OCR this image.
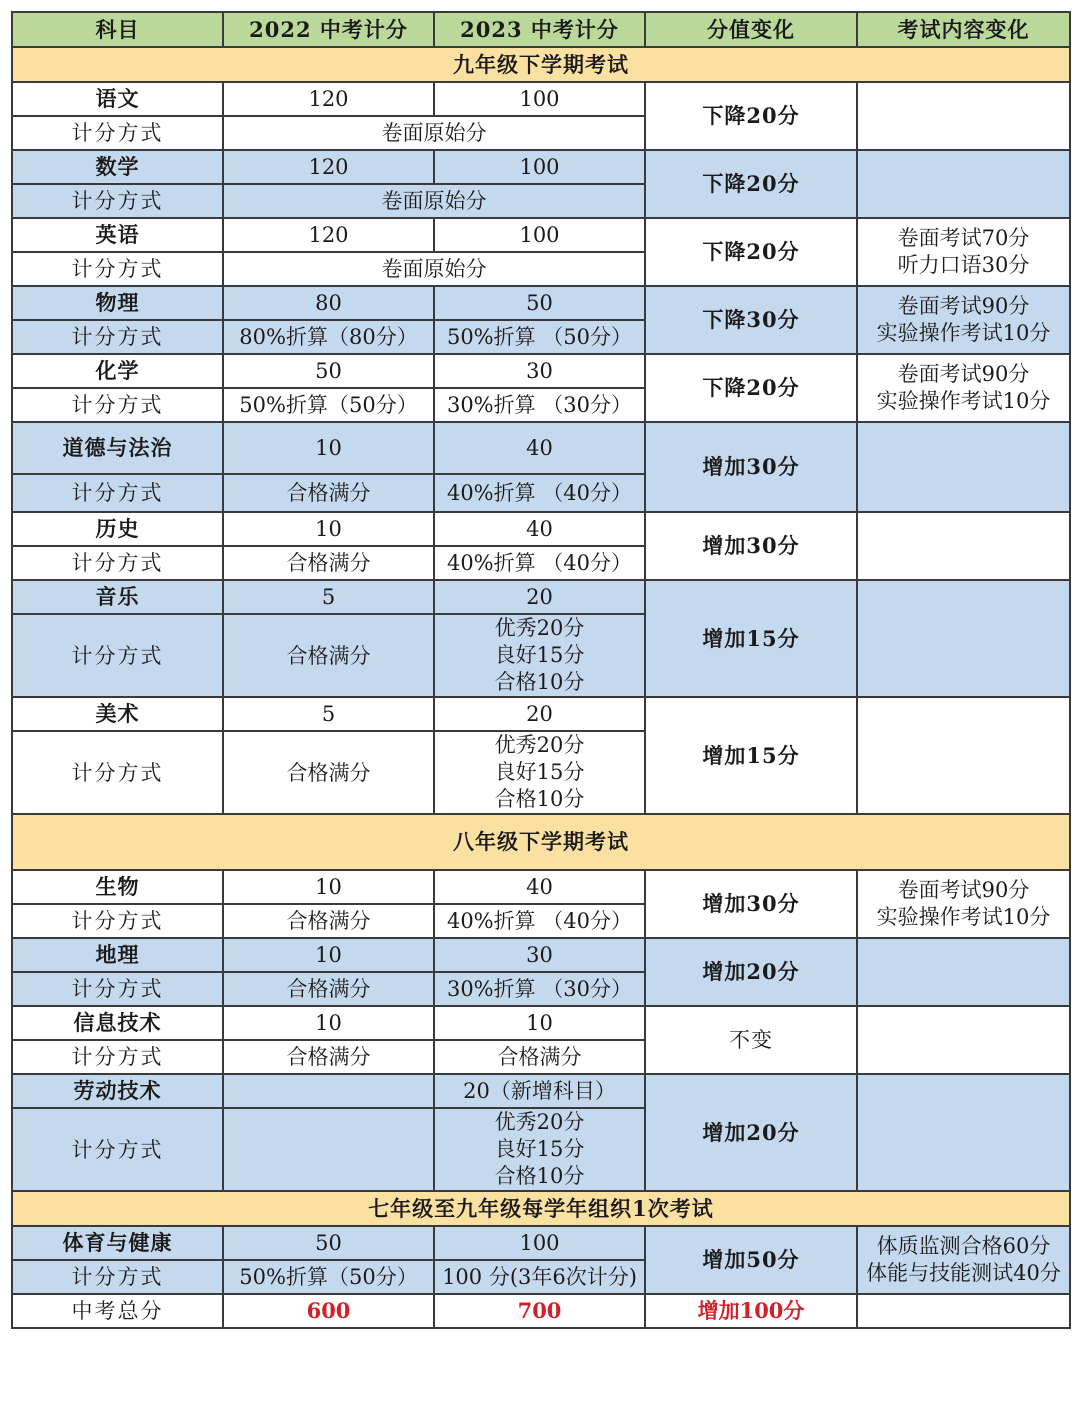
科目	2022 中考计分	2023 中考计分	分值变化	考试内容变化
九年级下学期考试				
语文	120	100	下降20分	
计分方式	卷面原始分			
数学	120	100	下降20分	
计分方式	卷面原始分			
英语	120	100	下降20分	卷面考试70分
听力口语30分

计分方式	卷面原始分			
物理	80	50	下降30分	卷面考试90分
实验操作考试10分

计分方式	80%折算（80分）	50%折算 （50分）		
化学	50	30	下降20分	卷面考试90分
实验操作考试10分

计分方式	50%折算（50分）	30%折算 （30分）		
道德与法治	10	40	增加30分	
计分方式	合格满分	40%折算 （40分）		
历史	10	40	增加30分	
计分方式	合格满分	40%折算 （40分）		
音乐	5	20	增加15分	
计分方式	合格满分	优秀20分
良好15分
合格10分		

美术	5	20	增加15分	
计分方式	合格满分	优秀20分
良好15分
合格10分		

八年级下学期考试				
生物	10	40	增加30分	卷面考试90分
实验操作考试10分

计分方式	合格满分	40%折算 （40分）		
地理	10	30	增加20分	
计分方式	合格满分	30%折算 （30分）		
信息技术	10	10	不变	
计分方式	合格满分	合格满分		
劳动技术		20（新增科目）	增加20分	
计分方式		优秀20分
良好15分
合格10分		

七年级至九年级每学年组织1次考试				
体育与健康	50	100	增加50分	体质监测合格60分
体能与技能测试40分

计分方式	50%折算（50分）	100 分(3年6次计分)		
中考总分	600	700	增加100分	
